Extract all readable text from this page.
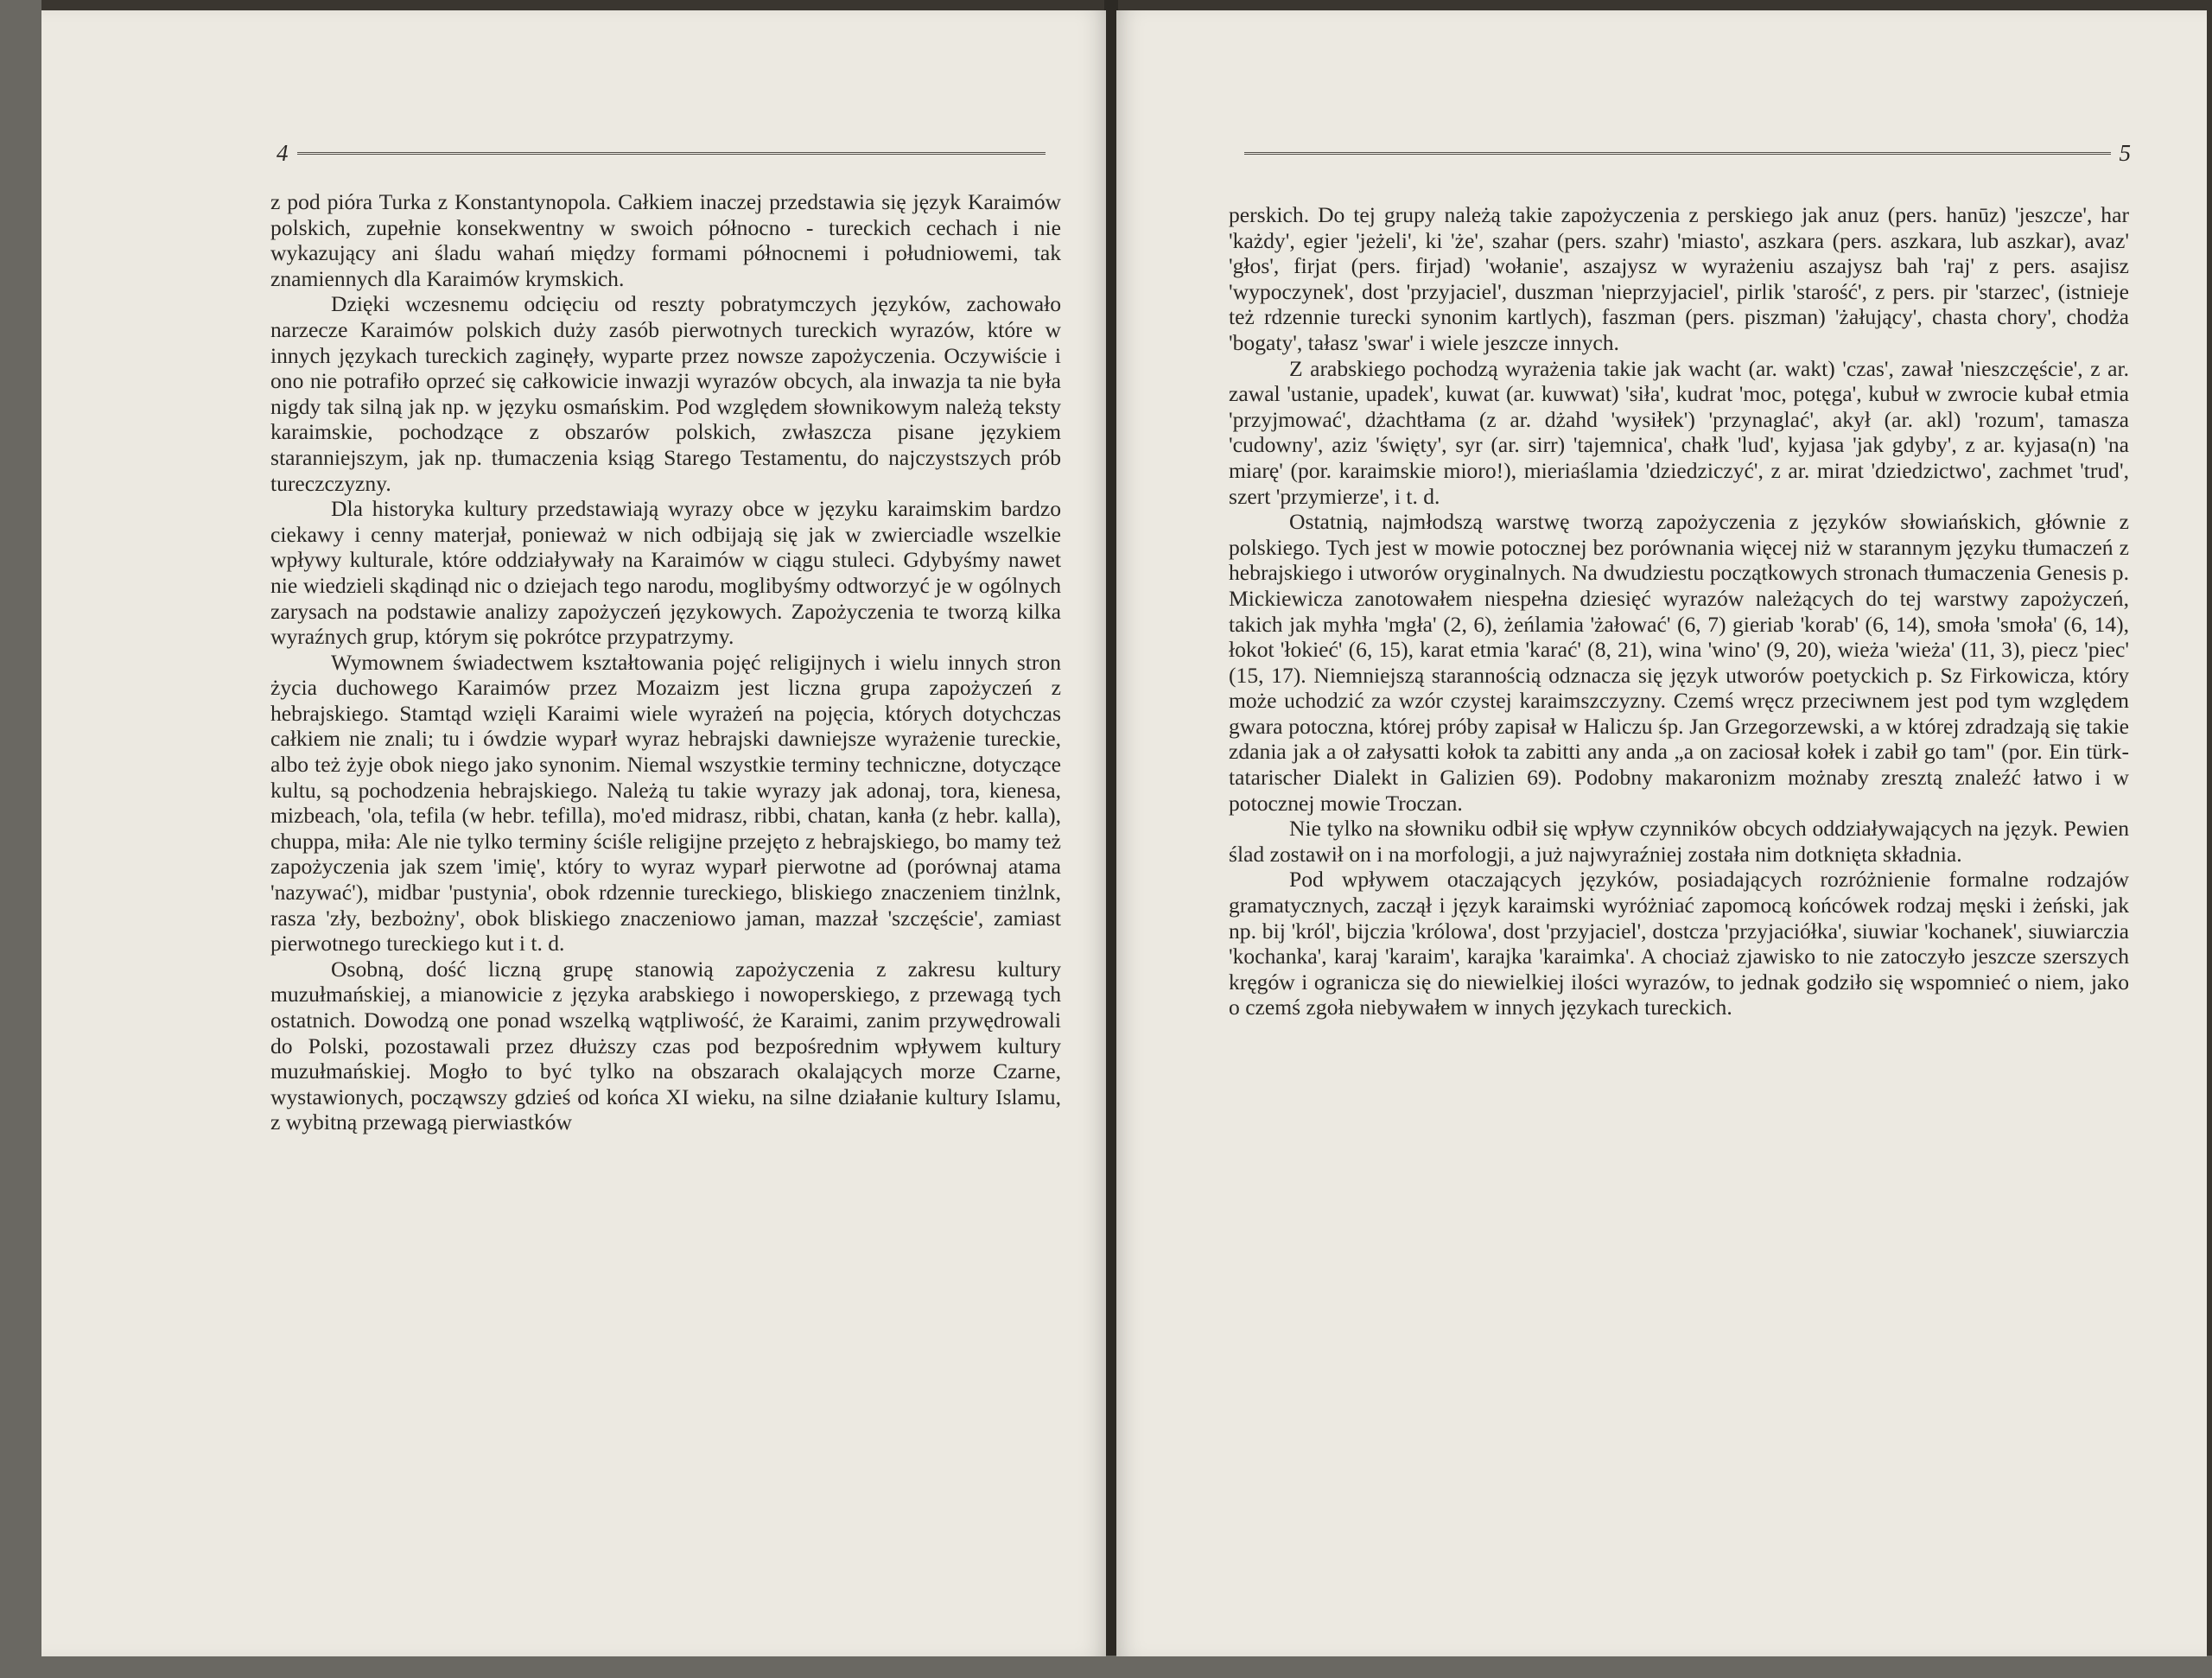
4

z pod pióra Turka z Konstantynopola. Całkiem inaczej przedstawia się język Karaimów polskich, zupełnie konsekwentny w swoich północno - tureckich cechach i nie wykazujący ani śladu wahań między formami północnemi i południowemi, tak znamiennych dla Karaimów krymskich.

Dzięki wczesnemu odcięciu od reszty pobratymczych języków, zachowało narzecze Karaimów polskich duży zasób pierwotnych tureckich wyrazów, które w innych językach tureckich zaginęły, wyparte przez nowsze zapożyczenia. Oczywiście i ono nie potrafiło oprzeć się całkowicie inwazji wyrazów obcych, ala inwazja ta nie była nigdy tak silną jak np. w języku osmańskim. Pod względem słownikowym należą teksty karaimskie, pochodzące z obszarów polskich, zwłaszcza pisane językiem staranniejszym, jak np. tłumaczenia ksiąg Starego Testamentu, do najczystszych prób tureczczyzny.

Dla historyka kultury przedstawiają wyrazy obce w języku karaimskim bardzo ciekawy i cenny materjał, ponieważ w nich odbijają się jak w zwierciadle wszelkie wpływy kulturale, które oddziaływały na Karaimów w ciągu stuleci. Gdybyśmy nawet nie wiedzieli skądinąd nic o dziejach tego narodu, moglibyśmy odtworzyć je w ogólnych zarysach na podstawie analizy zapożyczeń językowych. Zapożyczenia te tworzą kilka wyraźnych grup, którym się pokrótce przypatrzymy.

Wymownem świadectwem kształtowania pojęć religijnych i wielu innych stron życia duchowego Karaimów przez Mozaizm jest liczna grupa zapożyczeń z hebrajskiego. Stamtąd wzięli Karaimi wiele wyrażeń na pojęcia, których dotychczas całkiem nie znali; tu i ówdzie wyparł wyraz hebrajski dawniejsze wyrażenie tureckie, albo też żyje obok niego jako synonim. Niemal wszystkie terminy techniczne, dotyczące kultu, są pochodzenia hebrajskiego. Należą tu takie wyrazy jak adonaj, tora, kienesa, mizbeach, 'ola, tefila (w hebr. tefilla), mo'ed midrasz, ribbi, chatan, kanła (z hebr. kalla), chuppa, miła: Ale nie tylko terminy ściśle religijne przejęto z hebrajskiego, bo mamy też zapożyczenia jak szem 'imię', który to wyraz wyparł pierwotne ad (porównaj atama 'nazywać'), midbar 'pustynia', obok rdzennie tureckiego, bliskiego znaczeniem tinżlnk, rasza 'zły, bezbożny', obok bliskiego znaczeniowo jaman, mazzał 'szczęście', zamiast pierwotnego tureckiego kut i t. d.

Osobną, dość liczną grupę stanowią zapożyczenia z zakresu kultury muzułmańskiej, a mianowicie z języka arabskiego i nowoperskiego, z przewagą tych ostatnich. Dowodzą one ponad wszelką wątpliwość, że Karaimi, zanim przywędrowali do Polski, pozostawali przez dłuższy czas pod bezpośrednim wpływem kultury muzułmańskiej. Mogło to być tylko na obszarach okalających morze Czarne, wystawionych, począwszy gdzieś od końca XI wieku, na silne działanie kultury Islamu, z wybitną przewagą pierwiastków

5

perskich. Do tej grupy należą takie zapożyczenia z perskiego jak anuz (pers. hanūz) 'jeszcze', har 'każdy', egier 'jeżeli', ki 'że', szahar (pers. szahr) 'miasto', aszkara (pers. aszkara, lub aszkar), avaz' 'głos', firjat (pers. firjad) 'wołanie', aszajysz w wyrażeniu aszajysz bah 'raj' z pers. asajisz 'wypoczynek', dost 'przyjaciel', duszman 'nieprzyjaciel', pirlik 'starość', z pers. pir 'starzec', (istnieje też rdzennie turecki synonim kartlych), faszman (pers. piszman) 'żałujący', chasta chory', chodża 'bogaty', tałasz 'swar' i wiele jeszcze innych.

Z arabskiego pochodzą wyrażenia takie jak wacht (ar. wakt) 'czas', zawał 'nieszczęście', z ar. zawal 'ustanie, upadek', kuwat (ar. kuwwat) 'siła', kudrat 'moc, potęga', kubuł w zwrocie kubał etmia 'przyjmować', dżachtłama (z ar. dżahd 'wysiłek') 'przynaglać', akył (ar. akl) 'rozum', tamasza 'cudowny', aziz 'święty', syr (ar. sirr) 'tajemnica', chałk 'lud', kyjasa 'jak gdyby', z ar. kyjasa(n) 'na miarę' (por. karaimskie mioro!), mieriaślamia 'dziedziczyć', z ar. mirat 'dziedzictwo', zachmet 'trud', szert 'przymierze', i t. d.

Ostatnią, najmłodszą warstwę tworzą zapożyczenia z języków słowiańskich, głównie z polskiego. Tych jest w mowie potocznej bez porównania więcej niż w starannym języku tłumaczeń z hebrajskiego i utworów oryginalnych. Na dwudziestu początkowych stronach tłumaczenia Genesis p. Mickiewicza zanotowałem niespełna dziesięć wyrazów należących do tej warstwy zapożyczeń, takich jak myhła 'mgła' (2, 6), żeńlamia 'żałować' (6, 7) gieriab 'korab' (6, 14), smoła 'smoła' (6, 14), łokot 'łokieć' (6, 15), karat etmia 'karać' (8, 21), wina 'wino' (9, 20), wieża 'wieża' (11, 3), piecz 'piec' (15, 17). Niemniejszą starannością odznacza się język utworów poetyckich p. Sz Firkowicza, który może uchodzić za wzór czystej karaimszczyzny. Czemś wręcz przeciwnem jest pod tym względem gwara potoczna, której próby zapisał w Haliczu śp. Jan Grzegorzewski, a w której zdradzają się takie zdania jak a oł załysatti kołok ta zabitti any anda „a on zaciosał kołek i zabił go tam" (por. Ein türk-tatarischer Dialekt in Galizien 69). Podobny makaronizm możnaby zresztą znaleźć łatwo i w potocznej mowie Troczan.

Nie tylko na słowniku odbił się wpływ czynników obcych oddziaływających na język. Pewien ślad zostawił on i na morfologji, a już najwyraźniej została nim dotknięta składnia.

Pod wpływem otaczających języków, posiadających rozróżnienie formalne rodzajów gramatycznych, zaczął i język karaimski wyróżniać zapomocą końcówek rodzaj męski i żeński, jak np. bij 'król', bijczia 'królowa', dost 'przyjaciel', dostcza 'przyjaciółka', siuwiar 'kochanek', siuwiarczia 'kochanka', karaj 'karaim', karajka 'karaimka'. A chociaż zjawisko to nie zatoczyło jeszcze szerszych kręgów i ogranicza się do niewielkiej ilości wyrazów, to jednak godziło się wspomnieć o niem, jako o czemś zgoła niebywałem w innych językach tureckich.
